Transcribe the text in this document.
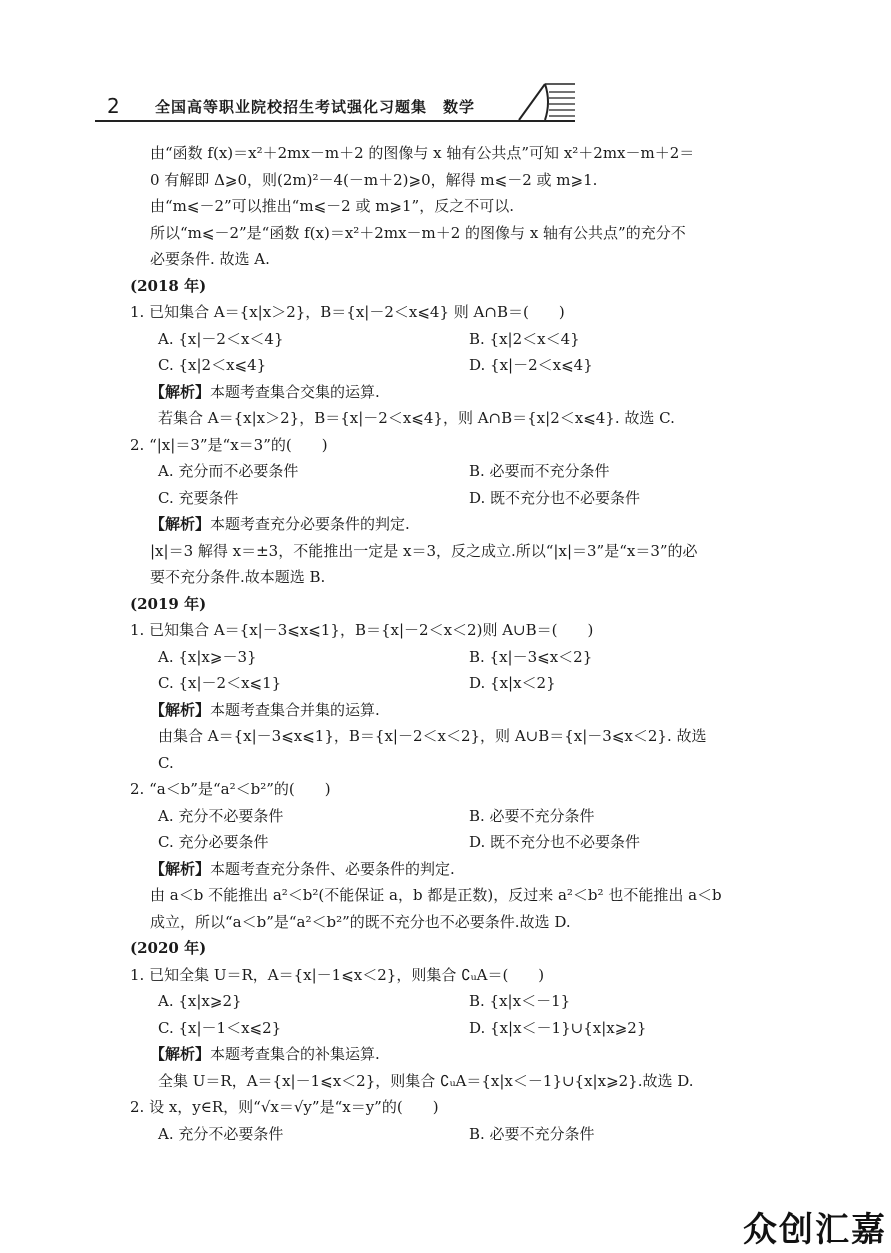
2 全国高等职业院校招生考试强化习题集　数学

由“函数 f(x)＝x²＋2mx－m＋2 的图像与 x 轴有公共点”可知 x²＋2mx－m＋2＝

0 有解即 Δ⩾0，则(2m)²－4(－m＋2)⩾0，解得 m⩽－2 或 m⩾1.

由“m⩽－2”可以推出“m⩽－2 或 m⩾1”，反之不可以.

所以“m⩽－2”是“函数 f(x)＝x²＋2mx－m＋2 的图像与 x 轴有公共点”的充分不

必要条件. 故选 A.

(2018 年)

1. 已知集合 A＝{x|x＞2}，B＝{x|－2＜x⩽4} 则 A∩B＝(　　)

A. {x|－2＜x＜4}	B. {x|2＜x＜4}
C. {x|2＜x⩽4}	D. {x|－2＜x⩽4}

【解析】本题考查集合交集的运算.

若集合 A＝{x|x＞2}，B＝{x|－2＜x⩽4}，则 A∩B＝{x|2＜x⩽4}. 故选 C.

2. “|x|＝3”是“x＝3”的(　　)

A. 充分而不必要条件	B. 必要而不充分条件
C. 充要条件	D. 既不充分也不必要条件

【解析】本题考查充分必要条件的判定.

|x|＝3 解得 x＝±3，不能推出一定是 x＝3，反之成立.所以“|x|＝3”是“x＝3”的必

要不充分条件.故本题选 B.

(2019 年)

1. 已知集合 A＝{x|－3⩽x⩽1}，B＝{x|－2＜x＜2)则 A∪B＝(　　)

A. {x|x⩾－3}	B. {x|－3⩽x＜2}
C. {x|－2＜x⩽1}	D. {x|x＜2}

【解析】本题考查集合并集的运算.

由集合 A＝{x|－3⩽x⩽1}，B＝{x|－2＜x＜2}，则 A∪B＝{x|－3⩽x＜2}. 故选

C.

2. “a＜b”是“a²＜b²”的(　　)

A. 充分不必要条件	B. 必要不充分条件
C. 充分必要条件	D. 既不充分也不必要条件

【解析】本题考查充分条件、必要条件的判定.

由 a＜b 不能推出 a²＜b²(不能保证 a，b 都是正数)，反过来 a²＜b² 也不能推出 a＜b

成立，所以“a＜b”是“a²＜b²”的既不充分也不必要条件.故选 D.

(2020 年)

1. 已知全集 U＝R，A＝{x|－1⩽x＜2}，则集合 ∁ᵤA＝(　　)

A. {x|x⩾2}	B. {x|x＜－1}
C. {x|－1＜x⩽2}	D. {x|x＜－1}∪{x|x⩾2}

【解析】本题考查集合的补集运算.

全集 U＝R，A＝{x|－1⩽x＜2}，则集合 ∁ᵤA＝{x|x＜－1}∪{x|x⩾2}.故选 D.

2. 设 x，y∈R，则“√x＝√y”是“x＝y”的(　　)

A. 充分不必要条件	B. 必要不充分条件
众创汇嘉
